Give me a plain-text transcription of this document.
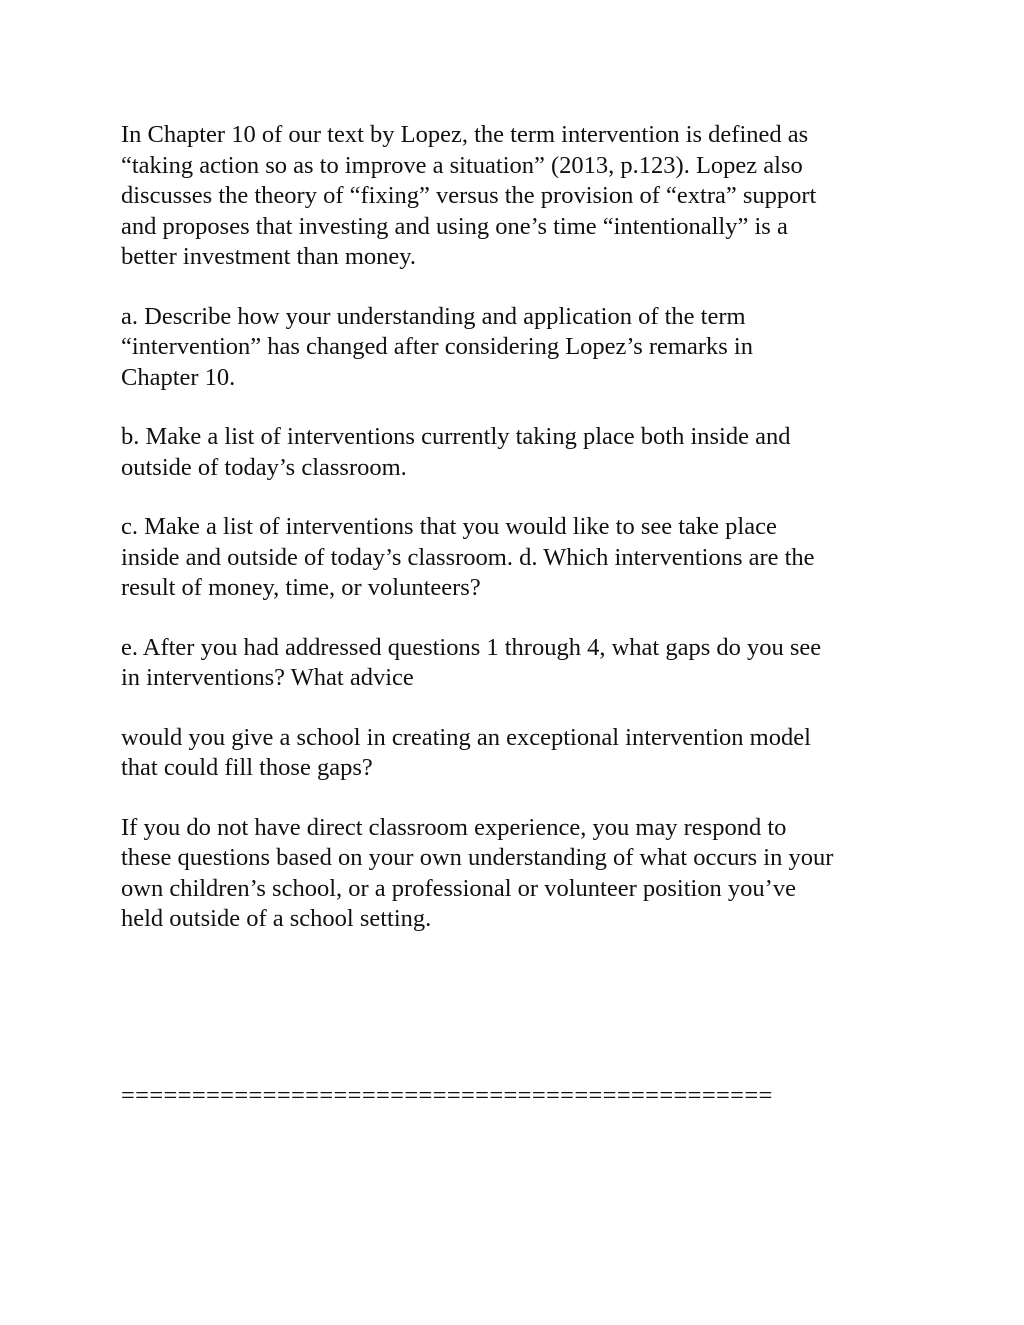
In Chapter 10 of our text by Lopez, the term intervention is defined as
“taking action so as to improve a situation” (2013, p.123). Lopez also
discusses the theory of “fixing” versus the provision of “extra” support
and proposes that investing and using one’s time “intentionally” is a
better investment than money.

a. Describe how your understanding and application of the term
“intervention” has changed after considering Lopez’s remarks in
Chapter 10.

b. Make a list of interventions currently taking place both inside and
outside of today’s classroom.

c. Make a list of interventions that you would like to see take place
inside and outside of today’s classroom. d. Which interventions are the
result of money, time, or volunteers?

e. After you had addressed questions 1 through 4, what gaps do you see
in interventions? What advice

would you give a school in creating an exceptional intervention model
that could fill those gaps?

If you do not have direct classroom experience, you may respond to
these questions based on your own understanding of what occurs in your
own children’s school, or a professional or volunteer position you’ve
held outside of a school setting.

==============================================
